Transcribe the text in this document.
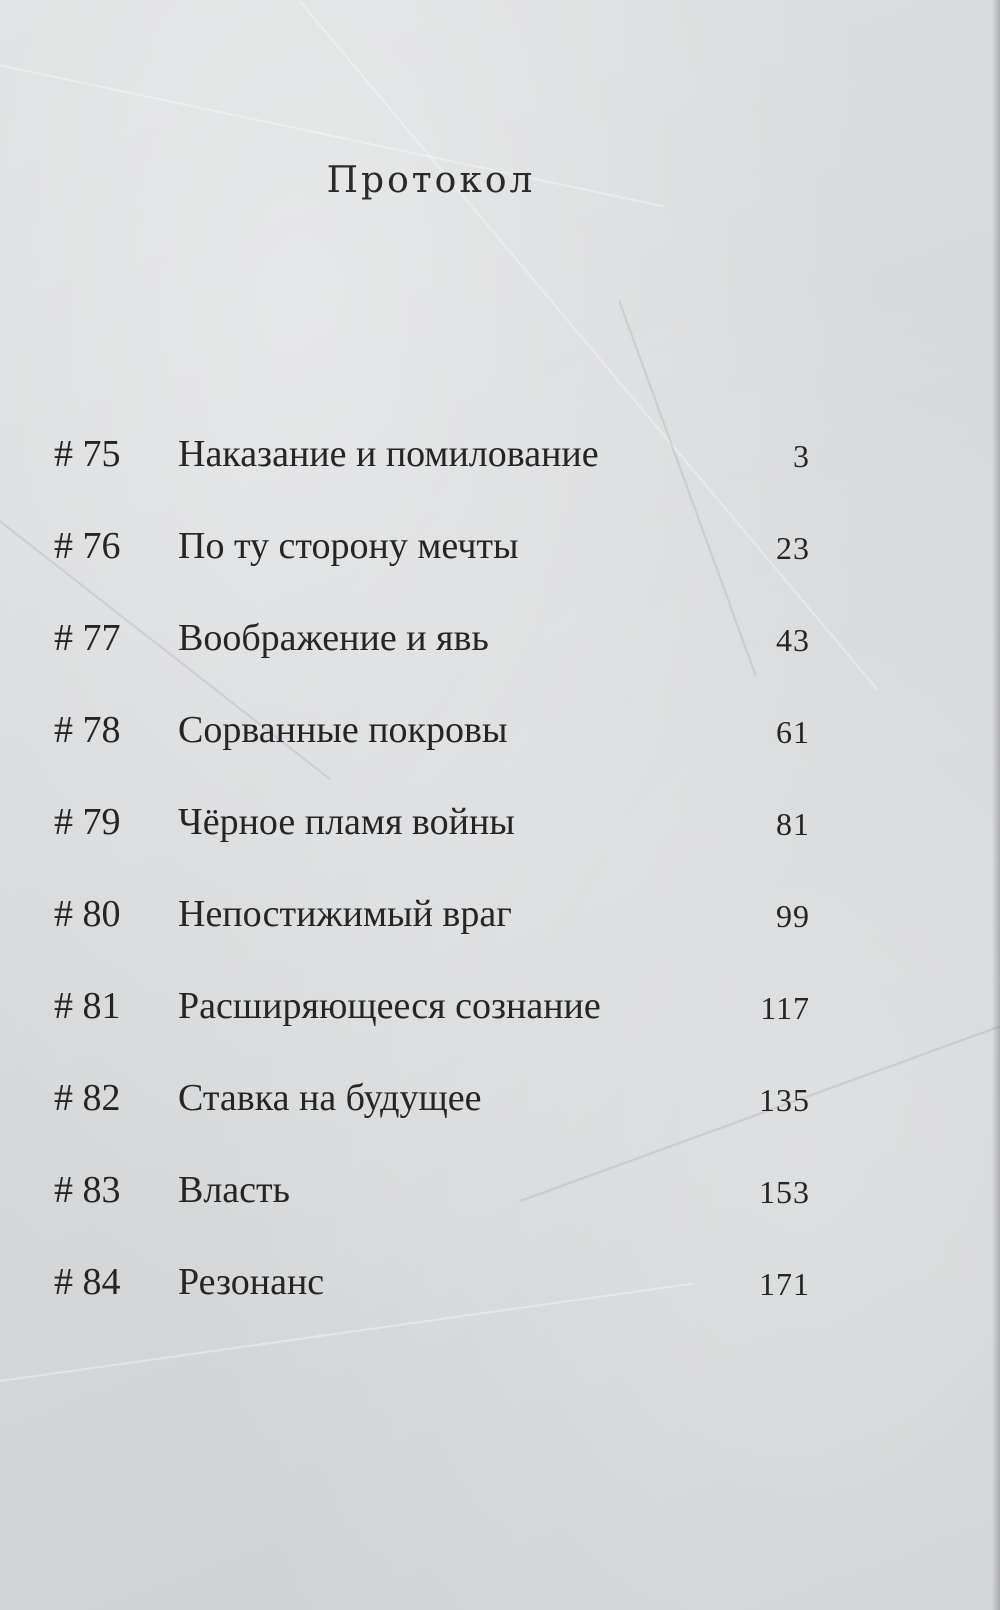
Протокол
# 75 Наказание и помилование	3
# 76 По ту сторону мечты	23
# 77 Воображение и явь	43
# 78 Сорванные покровы	61
# 79 Чёрное пламя войны	81
# 80 Непостижимый враг	99
# 81 Расширяющееся сознание	117
# 82 Ставка на будущее	135
# 83 Власть	153
# 84 Резонанс	171
